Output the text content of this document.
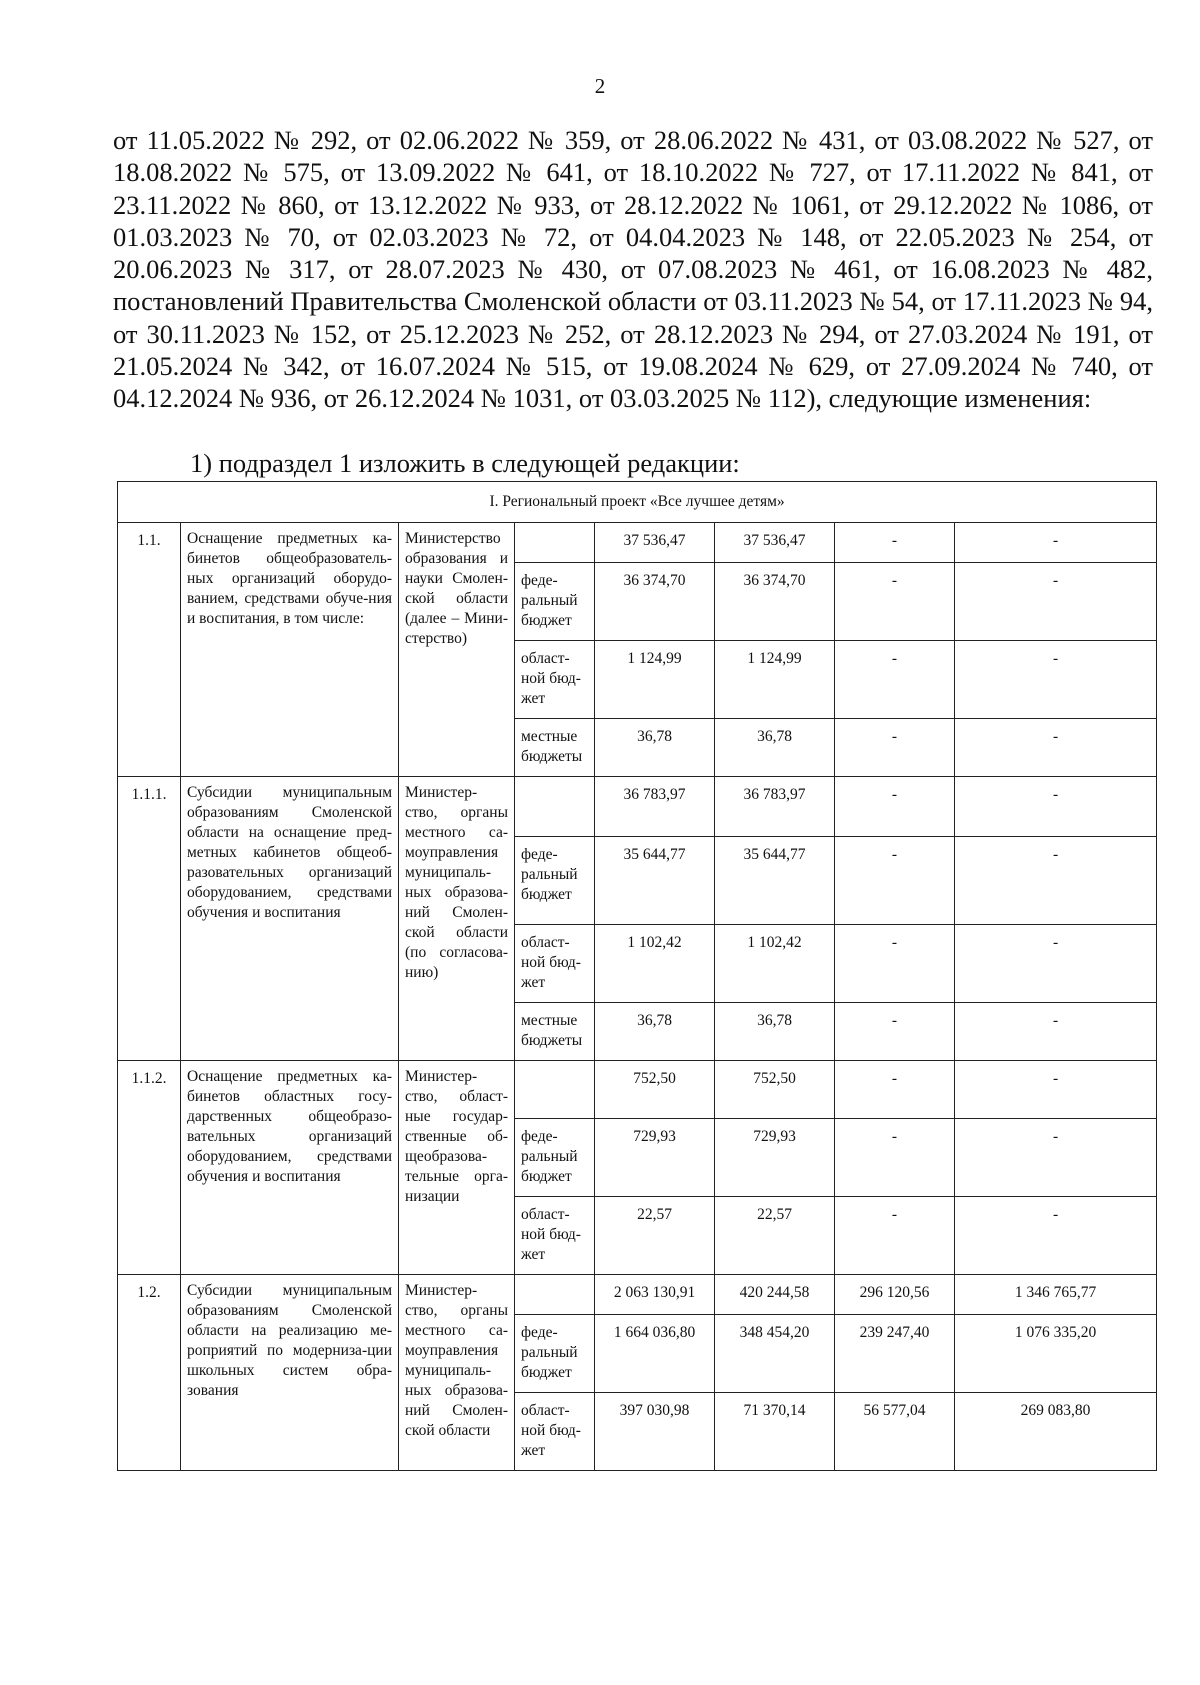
2

от 11.05.2022 № 292, от 02.06.2022 № 359, от 28.06.2022 № 431, от 03.08.2022 № 527, от 18.08.2022 № 575, от 13.09.2022 № 641, от 18.10.2022 № 727, от 17.11.2022 № 841, от 23.11.2022 № 860, от 13.12.2022 № 933, от 28.12.2022 № 1061, от 29.12.2022 № 1086, от 01.03.2023 № 70, от 02.03.2023 № 72, от 04.04.2023 № 148, от 22.05.2023 № 254, от 20.06.2023 № 317, от 28.07.2023 № 430, от 07.08.2023 № 461, от 16.08.2023 № 482, постановлений Правительства Смоленской области от 03.11.2023 № 54, от 17.11.2023 № 94, от 30.11.2023 № 152, от 25.12.2023 № 252, от 28.12.2023 № 294, от 27.03.2024 № 191, от 21.05.2024 № 342, от 16.07.2024 № 515, от 19.08.2024 № 629, от 27.09.2024 № 740, от 04.12.2024 № 936, от 26.12.2024 № 1031, от 03.03.2025 № 112), следующие изменения:

1) подраздел 1 изложить в следующей редакции:
I. Региональный проект «Все лучшее детям»							
1.1.	Оснащение предметных ка-бинетов общеобразователь-ных организаций оборудо-ванием, средствами обуче-ния и воспитания, в том числе:	Министерство образования и науки Смолен-ской области (далее – Мини-стерство)		37 536,47	37 536,47	-	-
			феде-ральный бюджет	36 374,70	36 374,70	-	-
			област-ной бюд-жет	1 124,99	1 124,99	-	-
			местные бюджеты	36,78	36,78	-	-
1.1.1.	Субсидии муниципальным образованиям Смоленской области на оснащение пред-метных кабинетов общеоб-разовательных организаций оборудованием, средствами обучения и воспитания	Министер-ство, органы местного са-моуправления муниципаль-ных образова-ний Смолен-ской области (по согласова-нию)		36 783,97	36 783,97	-	-
			феде-ральный бюджет	35 644,77	35 644,77	-	-
			област-ной бюд-жет	1 102,42	1 102,42	-	-
			местные бюджеты	36,78	36,78	-	-
1.1.2.	Оснащение предметных ка-бинетов областных госу-дарственных общеобразо-вательных организаций оборудованием, средствами обучения и воспитания	Министер-ство, област-ные государ-ственные об-щеобразова-тельные орга-низации		752,50	752,50	-	-
			феде-ральный бюджет	729,93	729,93	-	-
			област-ной бюд-жет	22,57	22,57	-	-
1.2.	Субсидии муниципальным образованиям Смоленской области на реализацию ме-роприятий по модерниза-ции школьных систем обра-зования	Министер-ство, органы местного са-моуправления муниципаль-ных образова-ний Смолен-ской области		2 063 130,91	420 244,58	296 120,56	1 346 765,77
			феде-ральный бюджет	1 664 036,80	348 454,20	239 247,40	1 076 335,20
			област-ной бюд-жет	397 030,98	71 370,14	56 577,04	269 083,80
